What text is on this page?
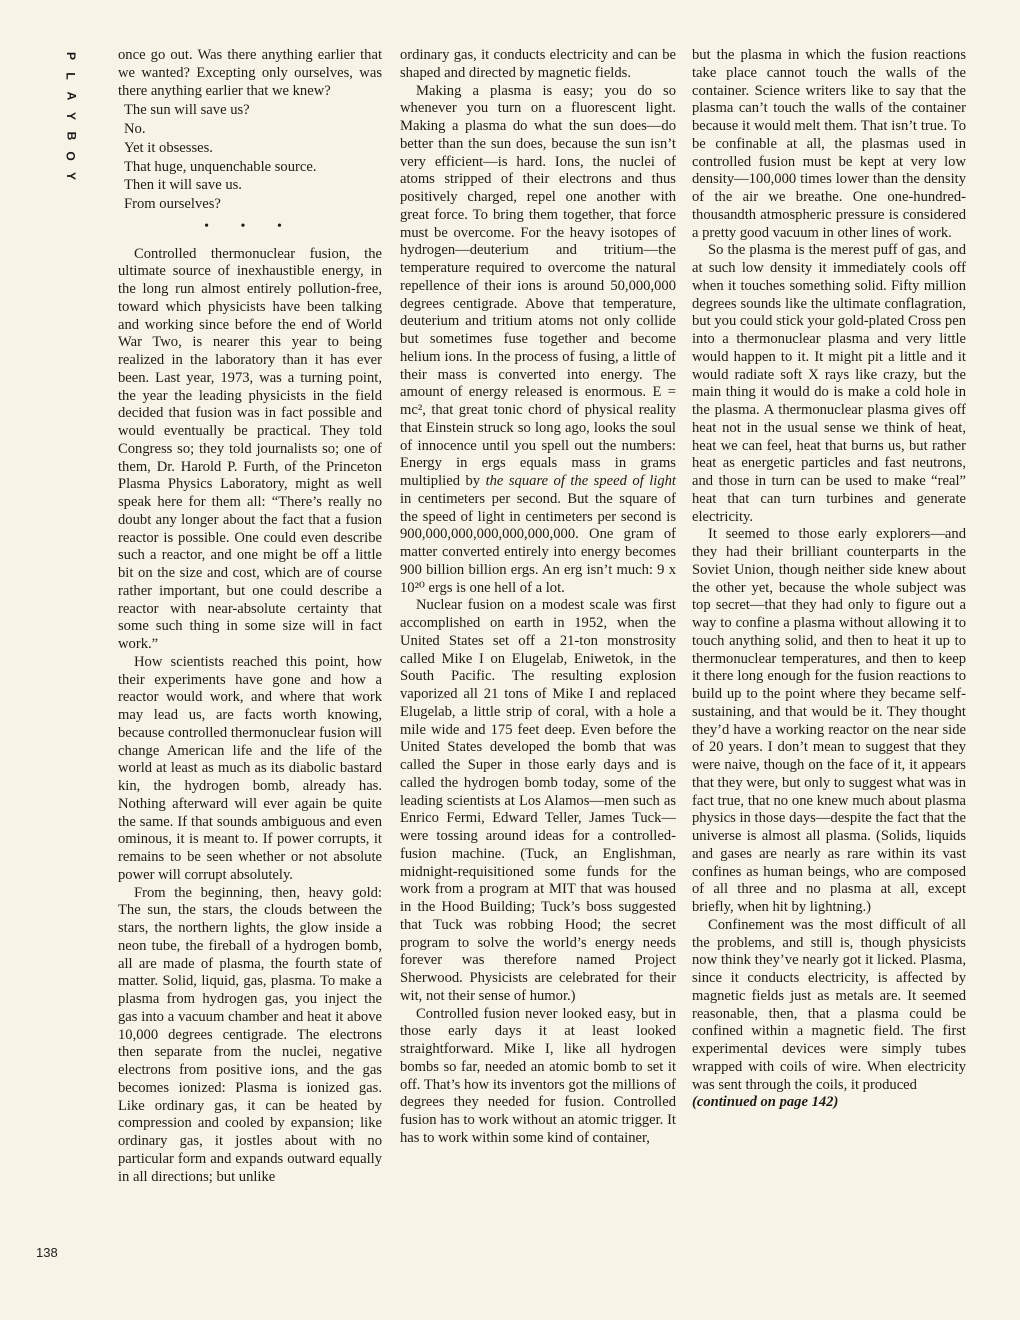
P
L
A
Y
B
O
Y
138

once go out. Was there anything earlier that we wanted? Excepting only ourselves, was there anything earlier that we knew?

The sun will save us?
No.
Yet it obsesses.
That huge, unquenchable source.
Then it will save us.
From ourselves?
• • •

Controlled thermonuclear fusion, the ultimate source of inexhaustible energy, in the long run almost entirely pollution-free, toward which physicists have been talking and working since before the end of World War Two, is nearer this year to being realized in the laboratory than it has ever been. Last year, 1973, was a turning point, the year the leading physicists in the field decided that fusion was in fact possible and would eventually be practical. They told Congress so; they told journalists so; one of them, Dr. Harold P. Furth, of the Princeton Plasma Physics Laboratory, might as well speak here for them all: “There’s really no doubt any longer about the fact that a fusion reactor is possible. One could even describe such a reactor, and one might be off a little bit on the size and cost, which are of course rather important, but one could describe a reactor with near-absolute certainty that some such thing in some size will in fact work.”

How scientists reached this point, how their experiments have gone and how a reactor would work, and where that work may lead us, are facts worth knowing, because controlled thermonuclear fusion will change American life and the life of the world at least as much as its diabolic bastard kin, the hydrogen bomb, already has. Nothing afterward will ever again be quite the same. If that sounds ambiguous and even ominous, it is meant to. If power corrupts, it remains to be seen whether or not absolute power will corrupt absolutely.

From the beginning, then, heavy gold: The sun, the stars, the clouds between the stars, the northern lights, the glow inside a neon tube, the fireball of a hydrogen bomb, all are made of plasma, the fourth state of matter. Solid, liquid, gas, plasma. To make a plasma from hydrogen gas, you inject the gas into a vacuum chamber and heat it above 10,000 degrees centigrade. The electrons then separate from the nuclei, negative electrons from positive ions, and the gas becomes ionized: Plasma is ionized gas. Like ordinary gas, it can be heated by compression and cooled by expansion; like ordinary gas, it jostles about with no particular form and expands outward equally in all directions; but unlike

ordinary gas, it conducts electricity and can be shaped and directed by magnetic fields.

Making a plasma is easy; you do so whenever you turn on a fluorescent light. Making a plasma do what the sun does—do better than the sun does, because the sun isn’t very efficient—is hard. Ions, the nuclei of atoms stripped of their electrons and thus positively charged, repel one another with great force. To bring them together, that force must be overcome. For the heavy isotopes of hydrogen—deuterium and tritium—the temperature required to overcome the natural repellence of their ions is around 50,000,000 degrees centigrade. Above that temperature, deuterium and tritium atoms not only collide but sometimes fuse together and become helium ions. In the process of fusing, a little of their mass is converted into energy. The amount of energy released is enormous. E = mc², that great tonic chord of physical reality that Einstein struck so long ago, looks the soul of innocence until you spell out the numbers: Energy in ergs equals mass in grams multiplied by the square of the speed of light in centimeters per second. But the square of the speed of light in centimeters per second is 900,000,000,000,000,000,000. One gram of matter converted entirely into energy becomes 900 billion billion ergs. An erg isn’t much: 9 x 10²⁰ ergs is one hell of a lot.

Nuclear fusion on a modest scale was first accomplished on earth in 1952, when the United States set off a 21-ton monstrosity called Mike I on Elugelab, Eniwetok, in the South Pacific. The resulting explosion vaporized all 21 tons of Mike I and replaced Elugelab, a little strip of coral, with a hole a mile wide and 175 feet deep. Even before the United States developed the bomb that was called the Super in those early days and is called the hydrogen bomb today, some of the leading scientists at Los Alamos—men such as Enrico Fermi, Edward Teller, James Tuck—were tossing around ideas for a controlled-fusion machine. (Tuck, an Englishman, midnight-requisitioned some funds for the work from a program at MIT that was housed in the Hood Building; Tuck’s boss suggested that Tuck was robbing Hood; the secret program to solve the world’s energy needs forever was therefore named Project Sherwood. Physicists are celebrated for their wit, not their sense of humor.)

Controlled fusion never looked easy, but in those early days it at least looked straightforward. Mike I, like all hydrogen bombs so far, needed an atomic bomb to set it off. That’s how its inventors got the millions of degrees they needed for fusion. Controlled fusion has to work without an atomic trigger. It has to work within some kind of container,

but the plasma in which the fusion reactions take place cannot touch the walls of the container. Science writers like to say that the plasma can’t touch the walls of the container because it would melt them. That isn’t true. To be confinable at all, the plasmas used in controlled fusion must be kept at very low density—100,000 times lower than the density of the air we breathe. One one-hundred-thousandth atmospheric pressure is considered a pretty good vacuum in other lines of work.

So the plasma is the merest puff of gas, and at such low density it immediately cools off when it touches something solid. Fifty million degrees sounds like the ultimate conflagration, but you could stick your gold-plated Cross pen into a thermonuclear plasma and very little would happen to it. It might pit a little and it would radiate soft X rays like crazy, but the main thing it would do is make a cold hole in the plasma. A thermonuclear plasma gives off heat not in the usual sense we think of heat, heat we can feel, heat that burns us, but rather heat as energetic particles and fast neutrons, and those in turn can be used to make “real” heat that can turn turbines and generate electricity.

It seemed to those early explorers—and they had their brilliant counterparts in the Soviet Union, though neither side knew about the other yet, because the whole subject was top secret—that they had only to figure out a way to confine a plasma without allowing it to touch anything solid, and then to heat it up to thermonuclear temperatures, and then to keep it there long enough for the fusion reactions to build up to the point where they became self-sustaining, and that would be it. They thought they’d have a working reactor on the near side of 20 years. I don’t mean to suggest that they were naive, though on the face of it, it appears that they were, but only to suggest what was in fact true, that no one knew much about plasma physics in those days—despite the fact that the universe is almost all plasma. (Solids, liquids and gases are nearly as rare within its vast confines as human beings, who are composed of all three and no plasma at all, except briefly, when hit by lightning.)

Confinement was the most difficult of all the problems, and still is, though physicists now think they’ve nearly got it licked. Plasma, since it conducts electricity, is affected by magnetic fields just as metals are. It seemed reasonable, then, that a plasma could be confined within a magnetic field. The first experimental devices were simply tubes wrapped with coils of wire. When electricity was sent through the coils, it produced

(continued on page 142)
